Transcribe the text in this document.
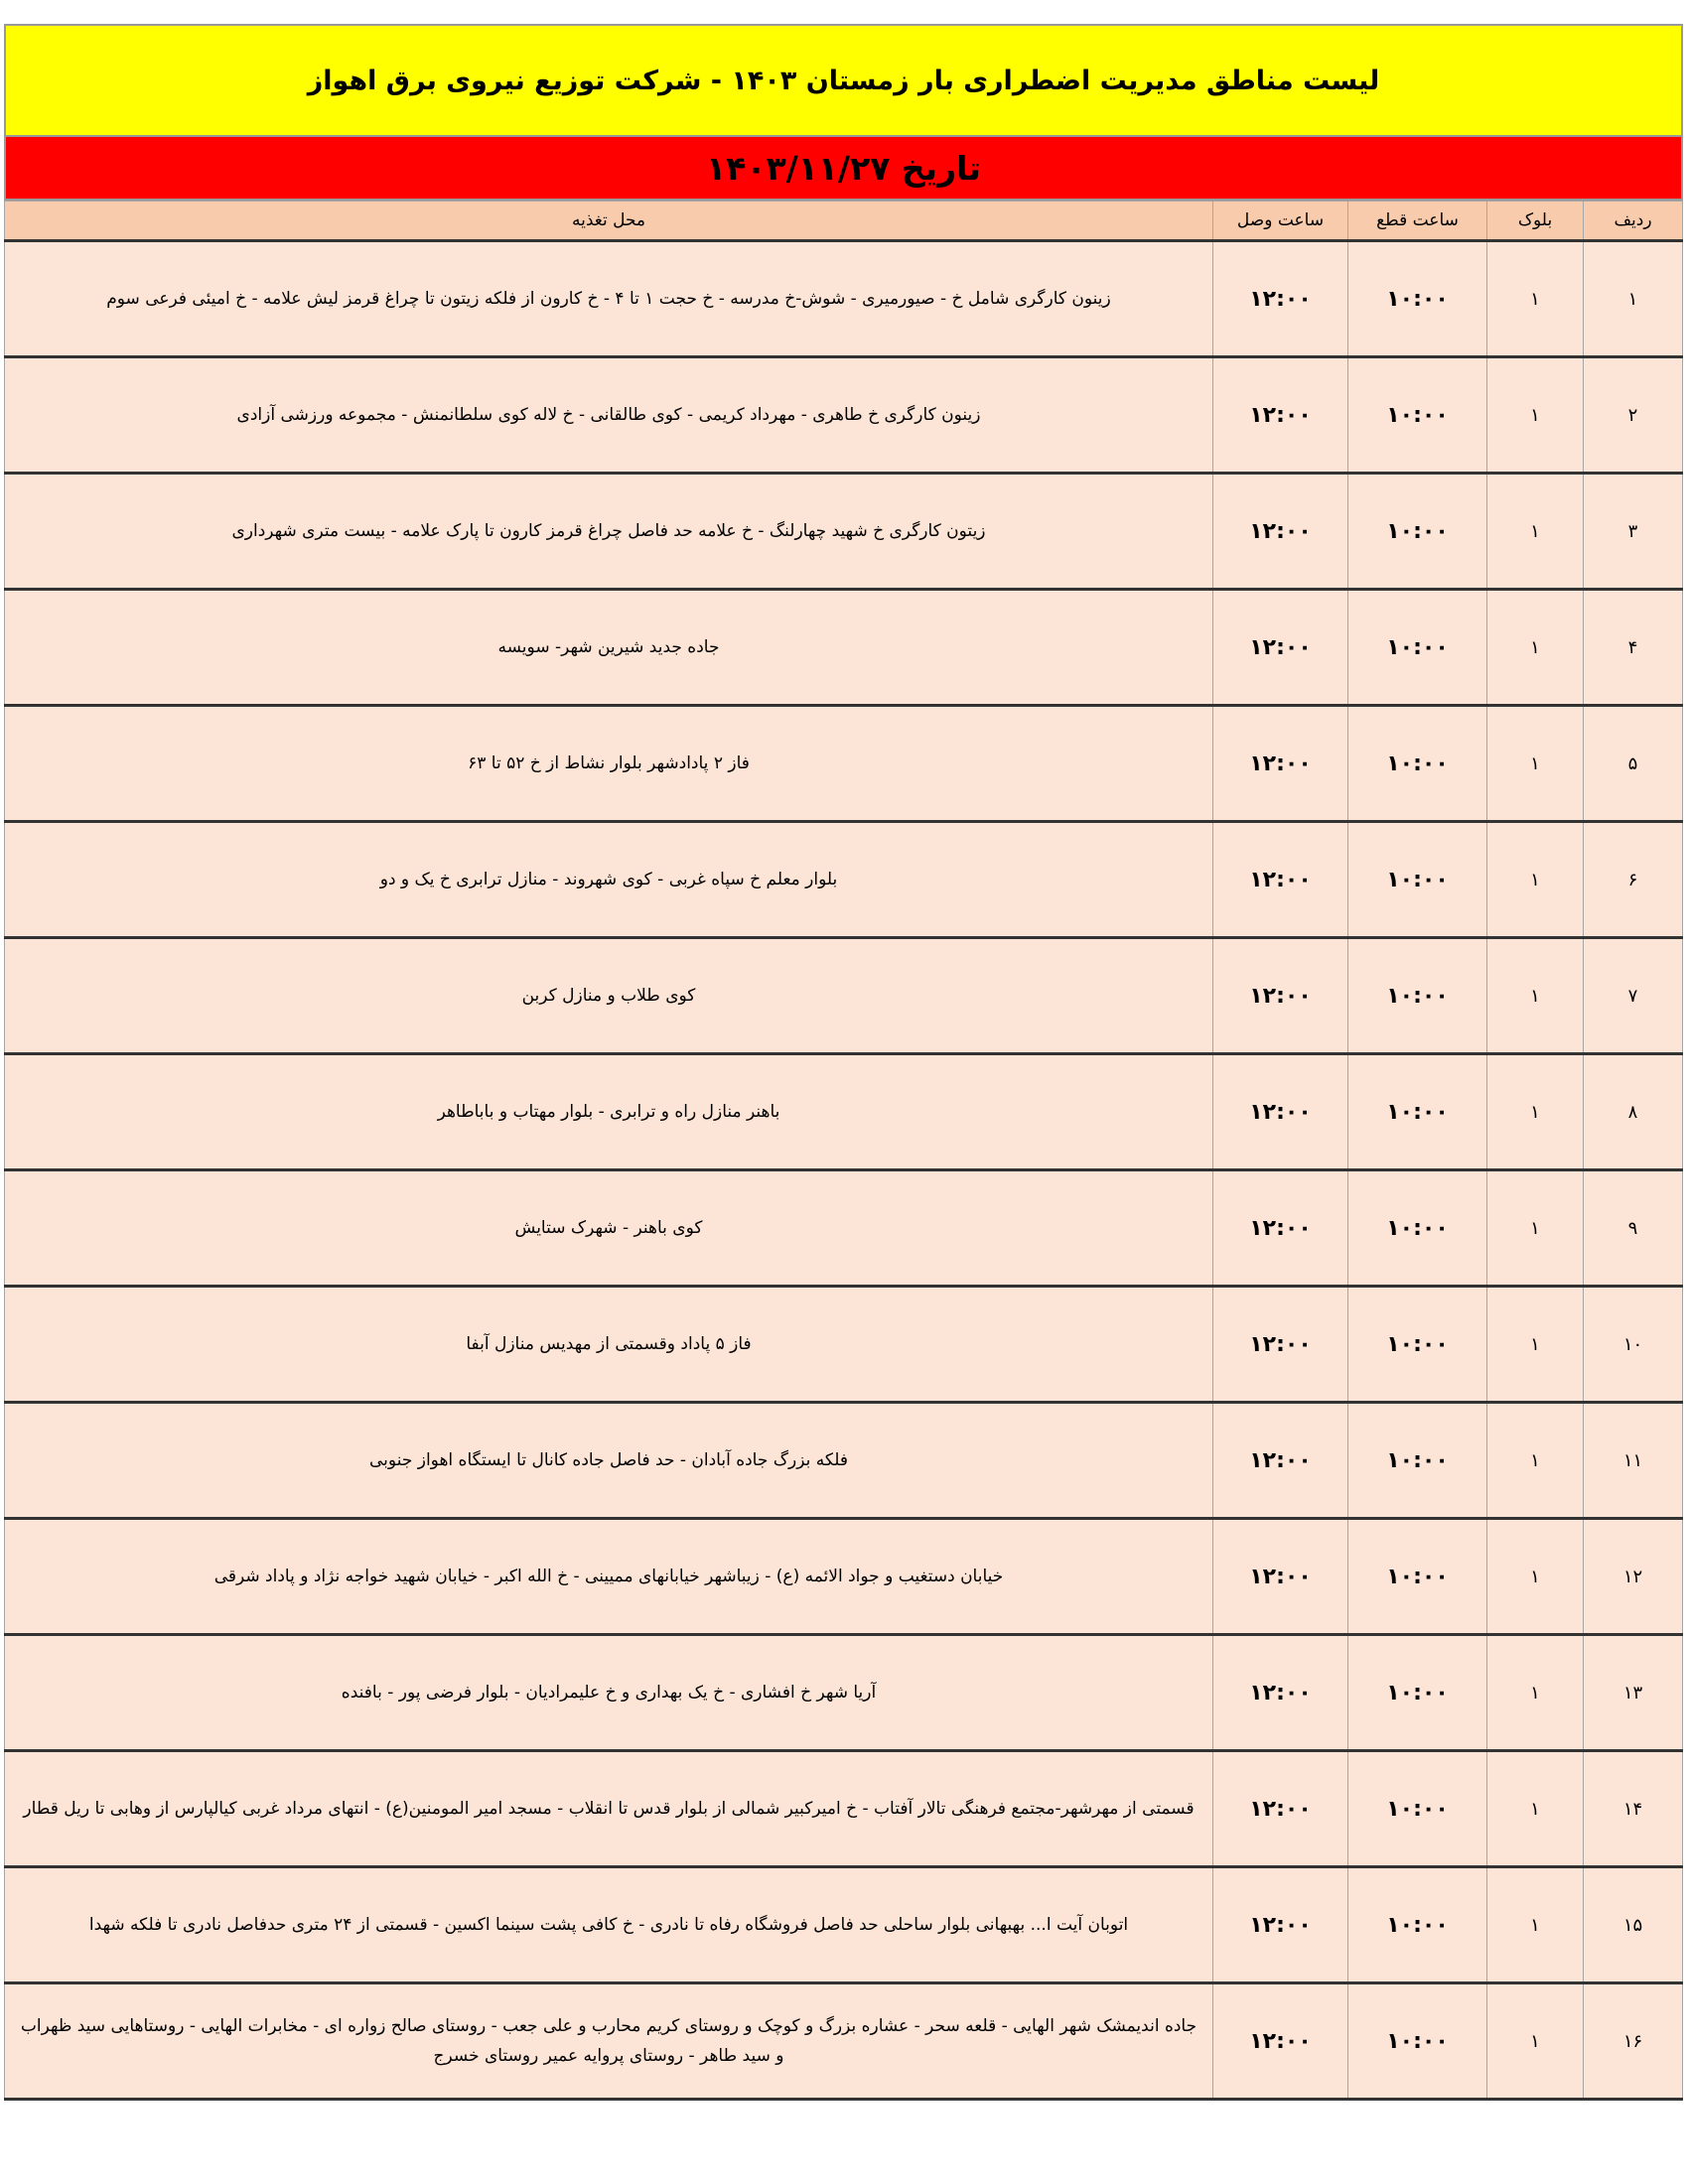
لیست مناطق مدیریت اضطراری بار زمستان ۱۴۰۳ - شرکت توزیع نیروی برق اهواز
تاریخ ۱۴۰۳/۱۱/۲۷
ردیف	بلوک	ساعت قطع	ساعت وصل	محل تغذیه
۱	۱	۱۰:۰۰	۱۲:۰۰	زینون کارگری شامل خ - صیورمیری - شوش-خ مدرسه - خ حجت ۱ تا ۴ - خ کارون از فلکه زیتون تا چراغ قرمز لیش علامه - خ امیئی فرعی سوم
۲	۱	۱۰:۰۰	۱۲:۰۰	زینون کارگری خ طاهری - مهرداد کریمی - کوی طالقانی - خ لاله کوی سلطانمنش - مجموعه ورزشی آزادی
۳	۱	۱۰:۰۰	۱۲:۰۰	زیتون کارگری خ شهید چهارلنگ - خ علامه حد فاصل چراغ قرمز کارون تا پارک علامه - بیست متری شهرداری
۴	۱	۱۰:۰۰	۱۲:۰۰	جاده جدید شیرین شهر- سویسه
۵	۱	۱۰:۰۰	۱۲:۰۰	فاز ۲ پادادشهر بلوار نشاط از خ ۵۲ تا ۶۳
۶	۱	۱۰:۰۰	۱۲:۰۰	بلوار معلم خ سپاه غربی - کوی شهروند - منازل ترابری خ یک و دو
۷	۱	۱۰:۰۰	۱۲:۰۰	کوی طلاب و منازل کربن
۸	۱	۱۰:۰۰	۱۲:۰۰	باهنر منازل راه و ترابری - بلوار مهتاب و باباطاهر
۹	۱	۱۰:۰۰	۱۲:۰۰	کوی باهنر - شهرک ستایش
۱۰	۱	۱۰:۰۰	۱۲:۰۰	فاز ۵ پاداد وقسمتی از مهدیس منازل آبفا
۱۱	۱	۱۰:۰۰	۱۲:۰۰	فلکه بزرگ جاده آبادان - حد فاصل جاده کانال تا ایستگاه اهواز جنوبی
۱۲	۱	۱۰:۰۰	۱۲:۰۰	خیابان دستغیب و جواد الائمه (ع) - زیباشهر خیابانهای ممیینی - خ الله اکبر - خیابان شهید خواجه نژاد و پاداد شرقی
۱۳	۱	۱۰:۰۰	۱۲:۰۰	آریا شهر خ افشاری - خ یک بهداری و خ علیمرادیان - بلوار فرضی پور - بافنده
۱۴	۱	۱۰:۰۰	۱۲:۰۰	قسمتی از مهرشهر-مجتمع فرهنگی تالار آفتاب - خ امیرکبیر شمالی از بلوار قدس تا انقلاب - مسجد امیر المومنین(ع) - انتهای مرداد غربی کیالپارس از وهابی تا ریل قطار
۱۵	۱	۱۰:۰۰	۱۲:۰۰	اتوبان آیت ا... بهبهانی بلوار ساحلی حد فاصل فروشگاه رفاه تا نادری - خ کافی پشت سینما اکسین - قسمتی از ۲۴ متری حدفاصل نادری تا فلکه شهدا
۱۶	۱	۱۰:۰۰	۱۲:۰۰	جاده اندیمشک شهر الهایی - قلعه سحر - عشاره بزرگ و کوچک و روستای کریم محارب و علی جعب - روستای صالح زواره ای - مخابرات الهایی - روستاهایی سید ظهراب و سید طاهر - روستای پروایه عمیر روستای خسرج
